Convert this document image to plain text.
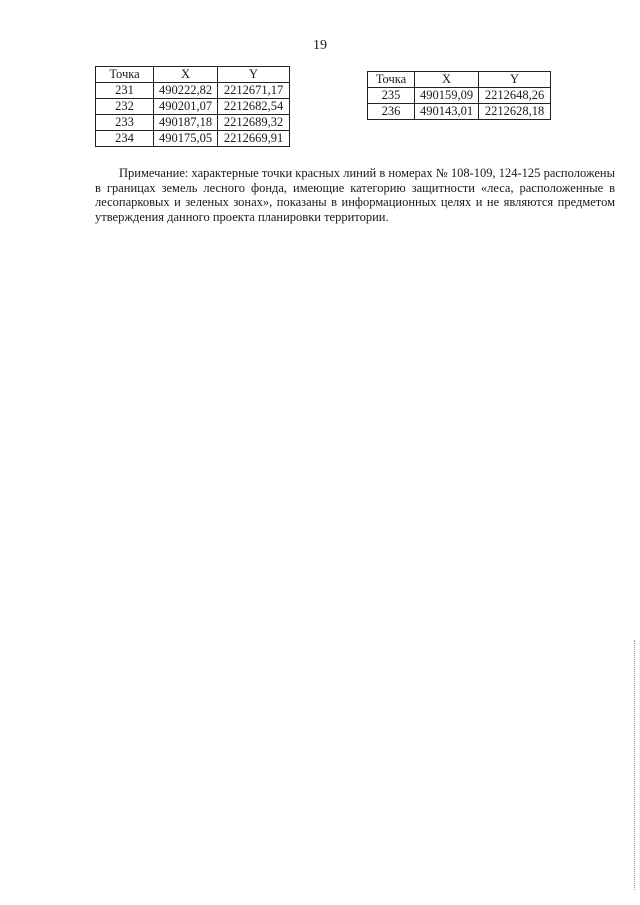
19
Точка	X	Y
231	490222,82	2212671,17
232	490201,07	2212682,54
233	490187,18	2212689,32
234	490175,05	2212669,91
Точка	X	Y
235	490159,09	2212648,26
236	490143,01	2212628,18

Примечание: характерные точки красных линий в номерах № 108-109, 124-125 расположены в границах земель лесного фонда, имеющие категорию защитности «леса, расположенные в лесопарковых и зеленых зонах», показаны в информационных целях и не являются предметом утверждения данного проекта планировки территории.
